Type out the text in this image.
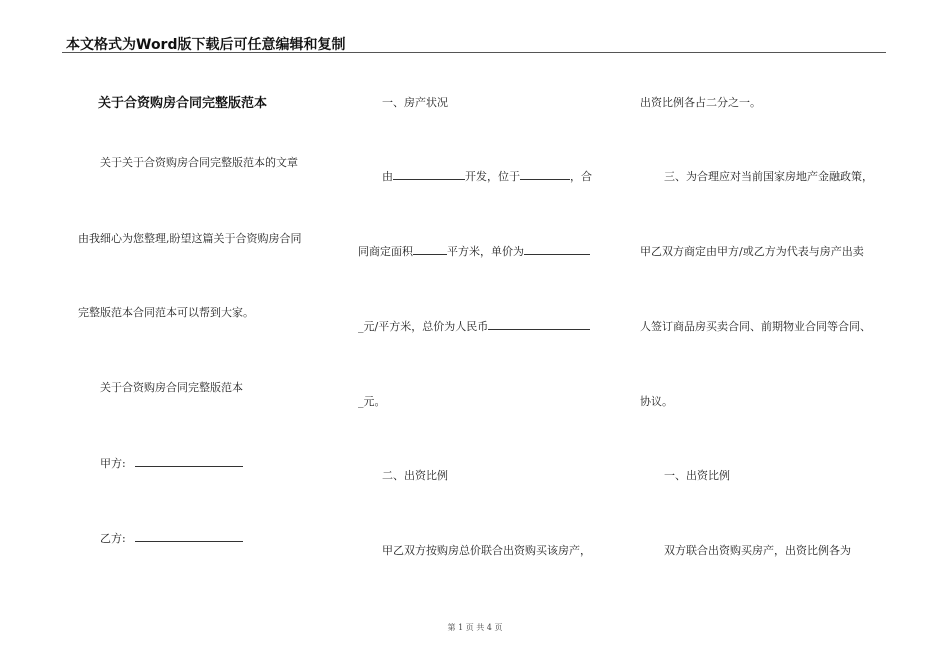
本文格式为Word版下载后可任意编辑和复制
关于合资购房合同完整版范本
关于关于合资购房合同完整版范本的文章
由我细心为您整理,盼望这篇关于合资购房合同
完整版范本合同范本可以帮到大家。
关于合资购房合同完整版范本
甲方:
乙方:
一、房产状况
由	开发，位于	，合
同商定面积	平方米，单价为
_元/平方米，总价为人民币
_元。
二、出资比例
甲乙双方按购房总价联合出资购买该房产，
出资比例各占二分之一。
三、为合理应对当前国家房地产金融政策，
甲乙双方商定由甲方/或乙方为代表与房产出卖
人签订商品房买卖合同、前期物业合同等合同、
协议。
一、出资比例
双方联合出资购买房产，出资比例各为
第 1 页 共 4 页
